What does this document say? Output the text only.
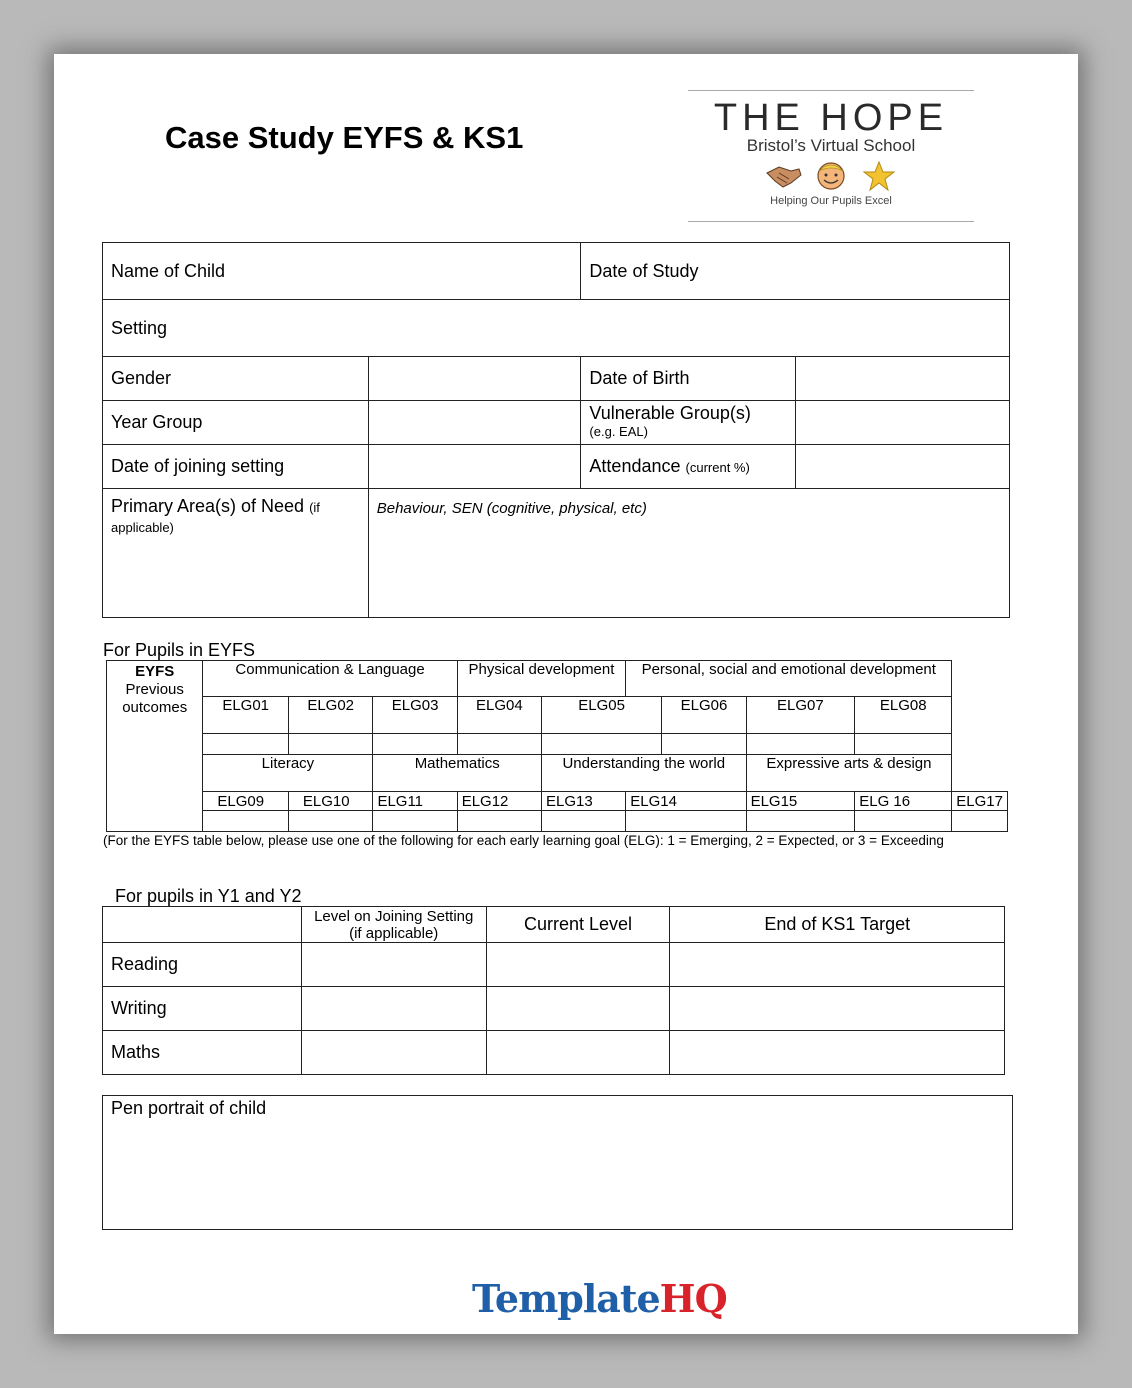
Case Study EYFS & KS1	THE HOPE
Bristol’s Virtual School
Helping Our Pupils Excel
Name of Child		Date of Study	
Setting			
Gender		Date of Birth	
Year Group		Vulnerable Group(s)
(e.g. EAL)	
Date of joining setting		Attendance (current %)	
Primary Area(s) of Need (if
applicable)	Behaviour, SEN (cognitive, physical, etc)		
For Pupils in EYFS
EYFS
Previous
outcomes	Communication & Language			Physical development		Personal, social and emotional development				
	ELG01	ELG02	ELG03	ELG04	ELG05		ELG06	ELG07	ELG08	

	Literacy		Mathematics		Understanding the world			Expressive arts & design		
	ELG09	ELG10	ELG11	ELG12	ELG13	ELG14		ELG15	ELG 16	ELG17

(For the EYFS table below, please use one of the following for each early learning goal (ELG): 1 = Emerging, 2 = Expected, or 3 = Exceeding
For pupils in Y1 and Y2
	Level on Joining Setting (if applicable)	Current Level	End of KS1 Target
Reading			
Writing			
Maths			
Pen portrait of child
TemplateHQ
